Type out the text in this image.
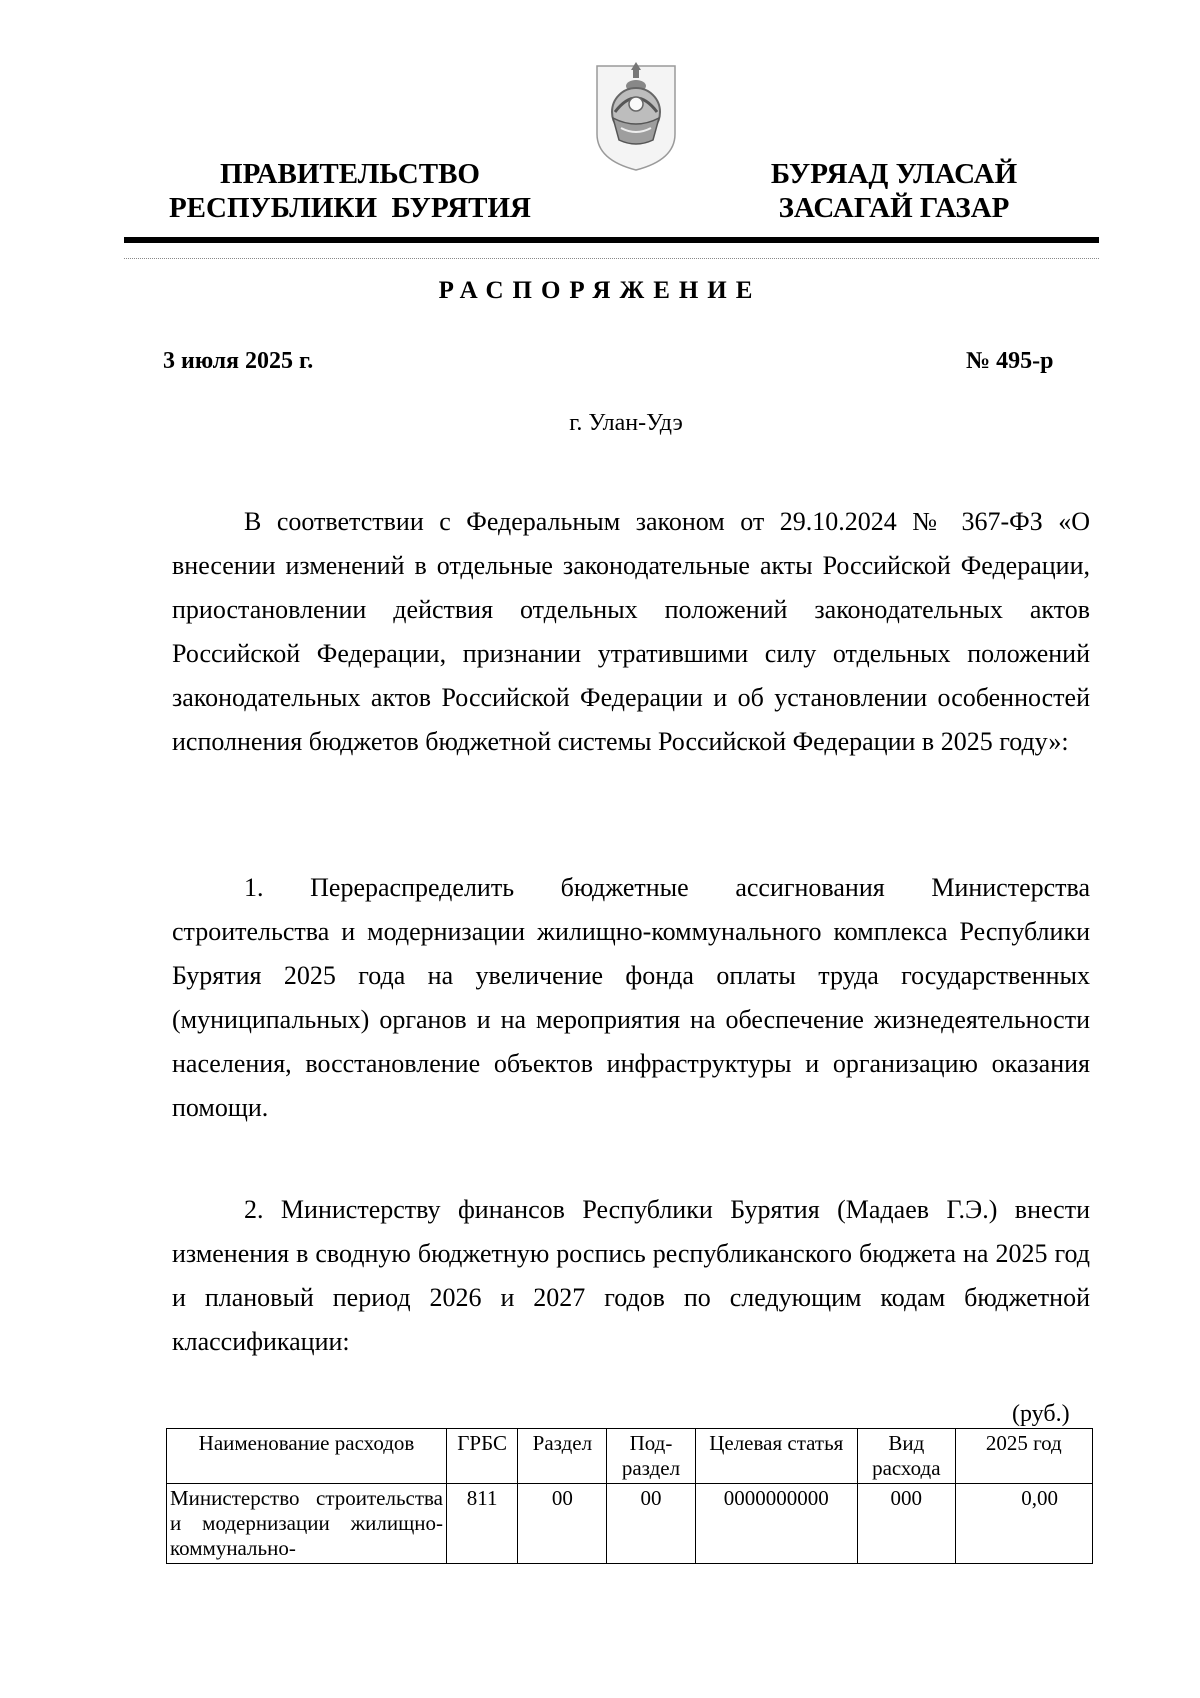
ПРАВИТЕЛЬСТВО
РЕСПУБЛИКИ  БУРЯТИЯ
БУРЯАД УЛАСАЙ
ЗАСАГАЙ ГАЗАР
РАСПОРЯЖЕНИЕ
3 июля 2025 г.	№ 495-р
г. Улан-Удэ

В соответствии с Федеральным законом от 29.10.2024 № 367-ФЗ «О внесении изменений в отдельные законодательные акты Российской Федерации, приостановлении действия отдельных положений законодательных актов Российской Федерации, признании утратившими силу отдельных положений законодательных актов Российской Федерации и об установлении особенностей исполнения бюджетов бюджетной системы Российской Федерации в 2025 году»:

1. Перераспределить бюджетные ассигнования Министерства строительства и модернизации жилищно-коммунального комплекса Республики Бурятия 2025 года на увеличение фонда оплаты труда государственных (муниципальных) органов и на мероприятия на обеспечение жизнедеятельности населения, восстановление объектов инфраструктуры и организацию оказания помощи.

2. Министерству финансов Республики Бурятия (Мадаев Г.Э.) внести изменения в сводную бюджетную роспись республиканского бюджета на 2025 год и плановый период 2026 и 2027 годов по следующим кодам бюджетной классификации:

(руб.)
Наименование расходов	ГРБС	Раздел	Под-раздел	Целевая статья	Вид расхода	2025 год
Министерство строительства и модернизации жилищно-коммунально-	811	00	00	0000000000	000	0,00
